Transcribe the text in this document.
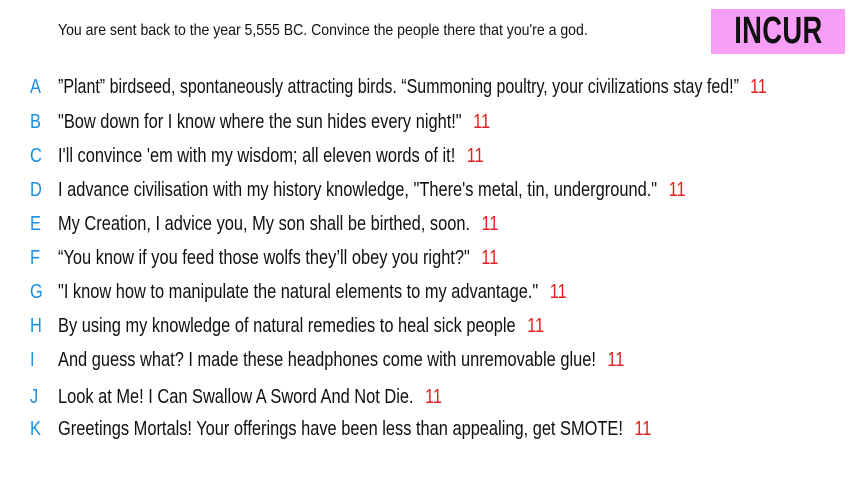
You are sent back to the year 5,555 BC. Convince the people there that you're a god.	INCUR
A ”Plant” birdseed, spontaneously attracting birds. “Summoning poultry, your civilizations stay fed!” 11
B "Bow down for I know where the sun hides every night!" 11
C I'll convince 'em with my wisdom; all eleven words of it! 11
D I advance civilisation with my history knowledge, "There's metal, tin, underground." 11
E My Creation, I advice you, My son shall be birthed, soon. 11
F “You know if you feed those wolfs they’ll obey you right?" 11
G "I know how to manipulate the natural elements to my advantage." 11
H By using my knowledge of natural remedies to heal sick people 11
I	And guess what? I made these headphones come with unremovable glue! 11
J Look at Me! I Can Swallow A Sword And Not Die. 11
K Greetings Mortals! Your offerings have been less than appealing, get SMOTE! 11
